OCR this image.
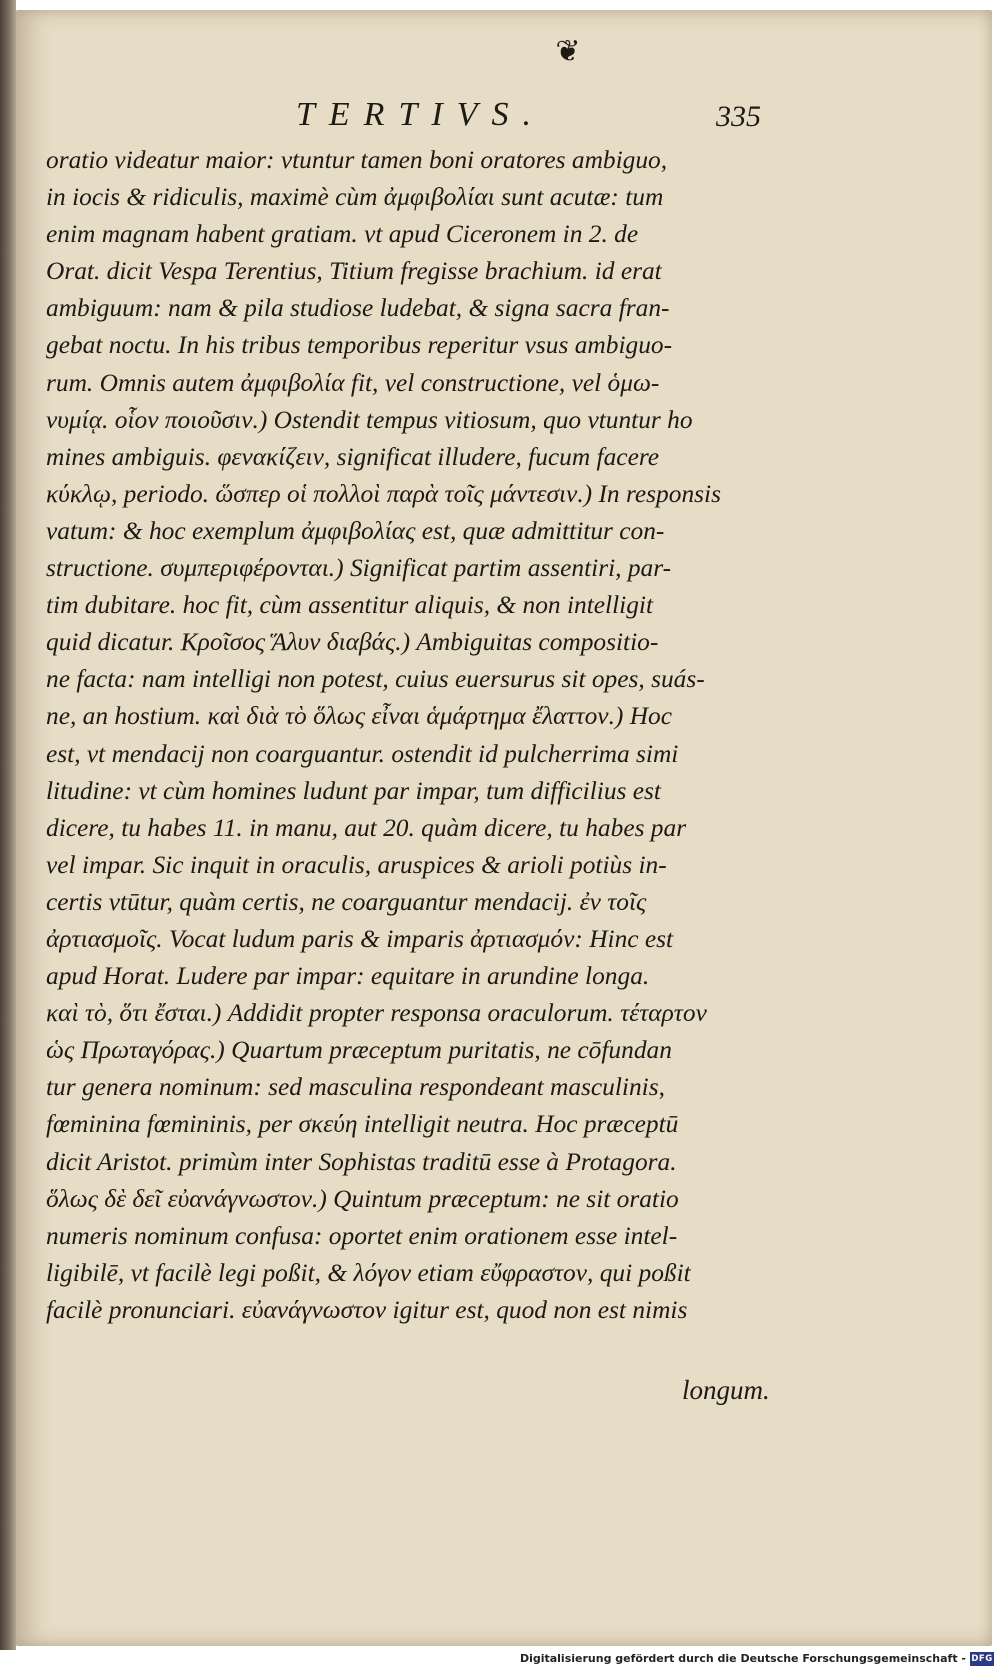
❦
TERTIVS.	335
oratio videatur maior: vtuntur tamen boni oratores ambiguo,
in iocis & ridiculis, maximè cùm ἀμφιβολίαι sunt acutæ: tum
enim magnam habent gratiam. vt apud Ciceronem in 2. de
Orat. dicit Vespa Terentius, Titium fregisse brachium. id erat
ambiguum: nam & pila studiose ludebat, & signa sacra fran-
gebat noctu. In his tribus temporibus reperitur vsus ambiguo-
rum. Omnis autem ἀμφιβολία fit, vel constructione, vel ὁμω-
νυμίᾳ. οἷον ποιοῦσιν.) Ostendit tempus vitiosum, quo vtuntur ho
mines ambiguis. φενακίζειν, significat illudere, fucum facere
κύκλῳ, periodo. ὥσπερ οἱ πολλοὶ παρὰ τοῖς μάντεσιν.) In responsis
vatum: & hoc exemplum ἀμφιβολίας est, quæ admittitur con-
structione. συμπεριφέρονται.) Significat partim assentiri, par-
tim dubitare. hoc fit, cùm assentitur aliquis, & non intelligit
quid dicatur. Κροῖσος Ἅλυν διαβάς.) Ambiguitas compositio-
ne facta: nam intelligi non potest, cuius euersurus sit opes, suás-
ne, an hostium. καὶ διὰ τὸ ὅλως εἶναι ἁμάρτημα ἔλαττον.) Hoc
est, vt mendacij non coarguantur. ostendit id pulcherrima simi
litudine: vt cùm homines ludunt par impar, tum difficilius est
dicere, tu habes 11. in manu, aut 20. quàm dicere, tu habes par
vel impar. Sic inquit in oraculis, aruspices & arioli potiùs in-
certis vtūtur, quàm certis, ne coarguantur mendacij. ἐν τοῖς
ἀρτιασμοῖς. Vocat ludum paris & imparis ἀρτιασμόν: Hinc est
apud Horat. Ludere par impar: equitare in arundine longa.
καὶ τὸ, ὅτι ἔσται.) Addidit propter responsa oraculorum. τέταρτον
ὡς Πρωταγόρας.) Quartum præceptum puritatis, ne cōfundan
tur genera nominum: sed masculina respondeant masculinis,
fœminina fœmininis, per σκεύη intelligit neutra. Hoc præceptū
dicit Aristot. primùm inter Sophistas traditū esse à Protagora.
ὅλως δὲ δεῖ εὐανάγνωστον.) Quintum præceptum: ne sit oratio
numeris nominum confusa: oportet enim orationem esse intel-
ligibilē, vt facilè legi poßit, & λόγον etiam εὔφραστον, qui poßit
facilè pronunciari. εὐανάγνωστον igitur est, quod non est nimis
longum.
Digitalisierung gefördert durch die Deutsche Forschungsgemeinschaft - DFG
